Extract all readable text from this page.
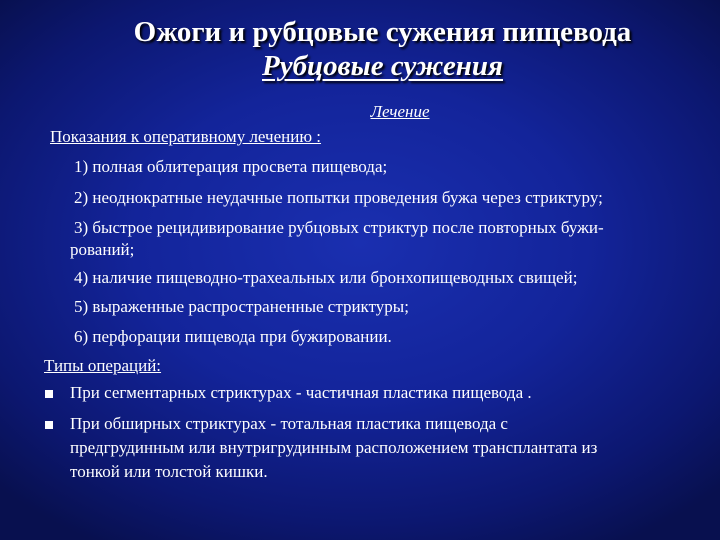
Ожоги и рубцовые сужения пищевода
Рубцовые сужения

Лечение

Показания к оперативному лечению :

1) полная облитерация просвета пищевода;

2) неоднократные неудачные попытки проведения бужа через стриктуру;

3) быстрое рецидивирование рубцовых стриктур после повторных бужи-

рований;

4) наличие пищеводно-трахеальных или бронхопищеводных свищей;

5) выраженные распространенные стриктуры;

6) перфорации пищевода при бужировании.

Типы операций:

При сегментарных стриктурах - частичная пластика пищевода .

При обширных стриктурах - тотальная пластика пищевода с

предгрудинным или внутригрудинным расположением трансплантата из

тонкой или толстой кишки.
